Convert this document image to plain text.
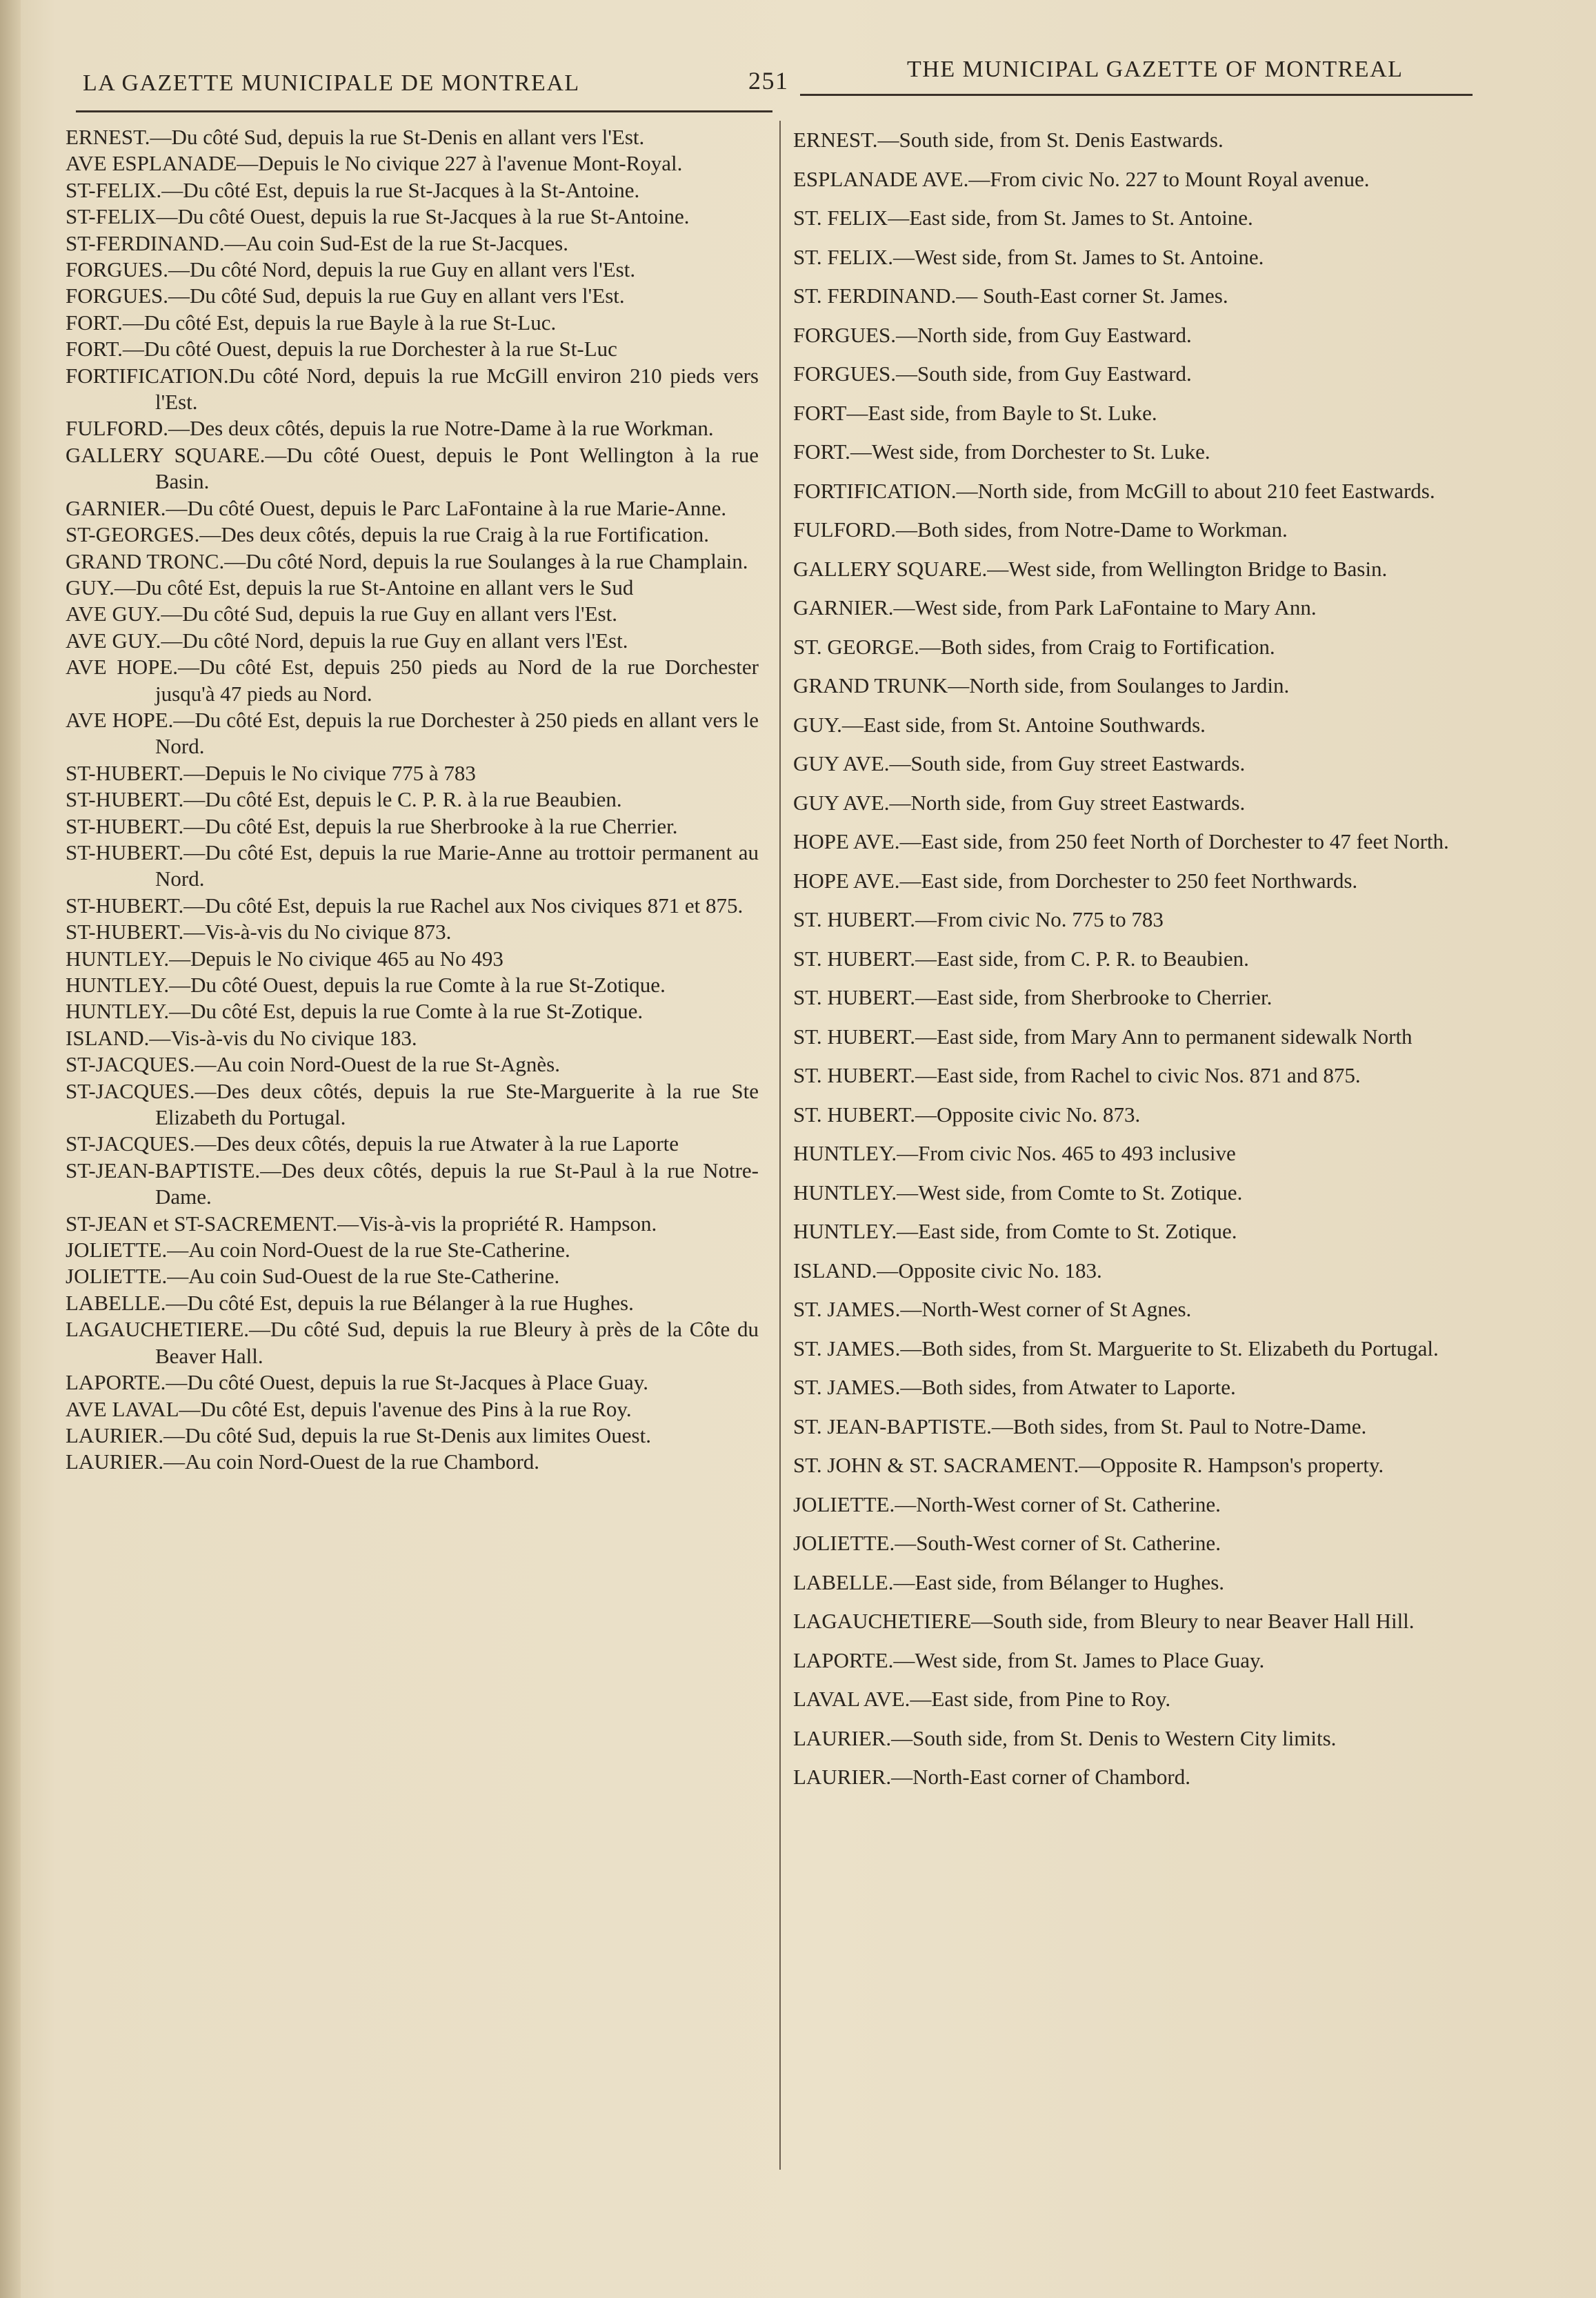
LA GAZETTE MUNICIPALE DE MONTREAL	251	THE MUNICIPAL GAZETTE OF MONTREAL

ERNEST.—Du côté Sud, depuis la rue St-Denis en allant vers l'Est.

AVE ESPLANADE—Depuis le No civique 227 à l'avenue Mont-Royal.

ST-FELIX.—Du côté Est, depuis la rue St-Jacques à la St-Antoine.

ST-FELIX—Du côté Ouest, depuis la rue St-Jacques à la rue St-Antoine.

ST-FERDINAND.—Au coin Sud-Est de la rue St-Jacques.

FORGUES.—Du côté Nord, depuis la rue Guy en allant vers l'Est.

FORGUES.—Du côté Sud, depuis la rue Guy en allant vers l'Est.

FORT.—Du côté Est, depuis la rue Bayle à la rue St-Luc.

FORT.—Du côté Ouest, depuis la rue Dorchester à la rue St-Luc

FORTIFICATION.Du côté Nord, depuis la rue McGill environ 210 pieds vers l'Est.

FULFORD.—Des deux côtés, depuis la rue Notre-Dame à la rue Workman.

GALLERY SQUARE.—Du côté Ouest, depuis le Pont Wellington à la rue Basin.

GARNIER.—Du côté Ouest, depuis le Parc LaFontaine à la rue Marie-Anne.

ST-GEORGES.—Des deux côtés, depuis la rue Craig à la rue Fortification.

GRAND TRONC.—Du côté Nord, depuis la rue Soulanges à la rue Champlain.

GUY.—Du côté Est, depuis la rue St-Antoine en allant vers le Sud

AVE GUY.—Du côté Sud, depuis la rue Guy en allant vers l'Est.

AVE GUY.—Du côté Nord, depuis la rue Guy en allant vers l'Est.

AVE HOPE.—Du côté Est, depuis 250 pieds au Nord de la rue Dorchester jusqu'à 47 pieds au Nord.

AVE HOPE.—Du côté Est, depuis la rue Dorchester à 250 pieds en allant vers le Nord.

ST-HUBERT.—Depuis le No civique 775 à 783

ST-HUBERT.—Du côté Est, depuis le C. P. R. à la rue Beaubien.

ST-HUBERT.—Du côté Est, depuis la rue Sherbrooke à la rue Cherrier.

ST-HUBERT.—Du côté Est, depuis la rue Marie-Anne au trottoir permanent au Nord.

ST-HUBERT.—Du côté Est, depuis la rue Rachel aux Nos civiques 871 et 875.

ST-HUBERT.—Vis-à-vis du No civique 873.

HUNTLEY.—Depuis le No civique 465 au No 493

HUNTLEY.—Du côté Ouest, depuis la rue Comte à la rue St-Zotique.

HUNTLEY.—Du côté Est, depuis la rue Comte à la rue St-Zotique.

ISLAND.—Vis-à-vis du No civique 183.

ST-JACQUES.—Au coin Nord-Ouest de la rue St-Agnès.

ST-JACQUES.—Des deux côtés, depuis la rue Ste-Marguerite à la rue Ste Elizabeth du Portugal.

ST-JACQUES.—Des deux côtés, depuis la rue Atwater à la rue Laporte

ST-JEAN-BAPTISTE.—Des deux côtés, depuis la rue St-Paul à la rue Notre-Dame.

ST-JEAN et ST-SACREMENT.—Vis-à-vis la propriété R. Hampson.

JOLIETTE.—Au coin Nord-Ouest de la rue Ste-Catherine.

JOLIETTE.—Au coin Sud-Ouest de la rue Ste-Catherine.

LABELLE.—Du côté Est, depuis la rue Bélanger à la rue Hughes.

LAGAUCHETIERE.—Du côté Sud, depuis la rue Bleury à près de la Côte du Beaver Hall.

LAPORTE.—Du côté Ouest, depuis la rue St-Jacques à Place Guay.

AVE LAVAL—Du côté Est, depuis l'avenue des Pins à la rue Roy.

LAURIER.—Du côté Sud, depuis la rue St-Denis aux limites Ouest.

LAURIER.—Au coin Nord-Ouest de la rue Chambord.

ERNEST.—South side, from St. Denis Eastwards.

ESPLANADE AVE.—From civic No. 227 to Mount Royal avenue.

ST. FELIX—East side, from St. James to St. Antoine.

ST. FELIX.—West side, from St. James to St. Antoine.

ST. FERDINAND.— South-East corner St. James.

FORGUES.—North side, from Guy Eastward.

FORGUES.—South side, from Guy Eastward.

FORT—East side, from Bayle to St. Luke.

FORT.—West side, from Dorchester to St. Luke.

FORTIFICATION.—North side, from McGill to about 210 feet Eastwards.

FULFORD.—Both sides, from Notre-Dame to Workman.

GALLERY SQUARE.—West side, from Wellington Bridge to Basin.

GARNIER.—West side, from Park LaFontaine to Mary Ann.

ST. GEORGE.—Both sides, from Craig to Fortification.

GRAND TRUNK—North side, from Soulanges to Jardin.

GUY.—East side, from St. Antoine Southwards.

GUY AVE.—South side, from Guy street Eastwards.

GUY AVE.—North side, from Guy street Eastwards.

HOPE AVE.—East side, from 250 feet North of Dorchester to 47 feet North.

HOPE AVE.—East side, from Dorchester to 250 feet Northwards.

ST. HUBERT.—From civic No. 775 to 783

ST. HUBERT.—East side, from C. P. R. to Beaubien.

ST. HUBERT.—East side, from Sherbrooke to Cherrier.

ST. HUBERT.—East side, from Mary Ann to permanent sidewalk North

ST. HUBERT.—East side, from Rachel to civic Nos. 871 and 875.

ST. HUBERT.—Opposite civic No. 873.

HUNTLEY.—From civic Nos. 465 to 493 inclusive

HUNTLEY.—West side, from Comte to St. Zotique.

HUNTLEY.—East side, from Comte to St. Zotique.

ISLAND.—Opposite civic No. 183.

ST. JAMES.—North-West corner of St Agnes.

ST. JAMES.—Both sides, from St. Marguerite to St. Elizabeth du Portugal.

ST. JAMES.—Both sides, from Atwater to Laporte.

ST. JEAN-BAPTISTE.—Both sides, from St. Paul to Notre-Dame.

ST. JOHN & ST. SACRAMENT.—Opposite R. Hampson's property.

JOLIETTE.—North-West corner of St. Catherine.

JOLIETTE.—South-West corner of St. Catherine.

LABELLE.—East side, from Bélanger to Hughes.

LAGAUCHETIERE—South side, from Bleury to near Beaver Hall Hill.

LAPORTE.—West side, from St. James to Place Guay.

LAVAL AVE.—East side, from Pine to Roy.

LAURIER.—South side, from St. Denis to Western City limits.

LAURIER.—North-East corner of Chambord.
